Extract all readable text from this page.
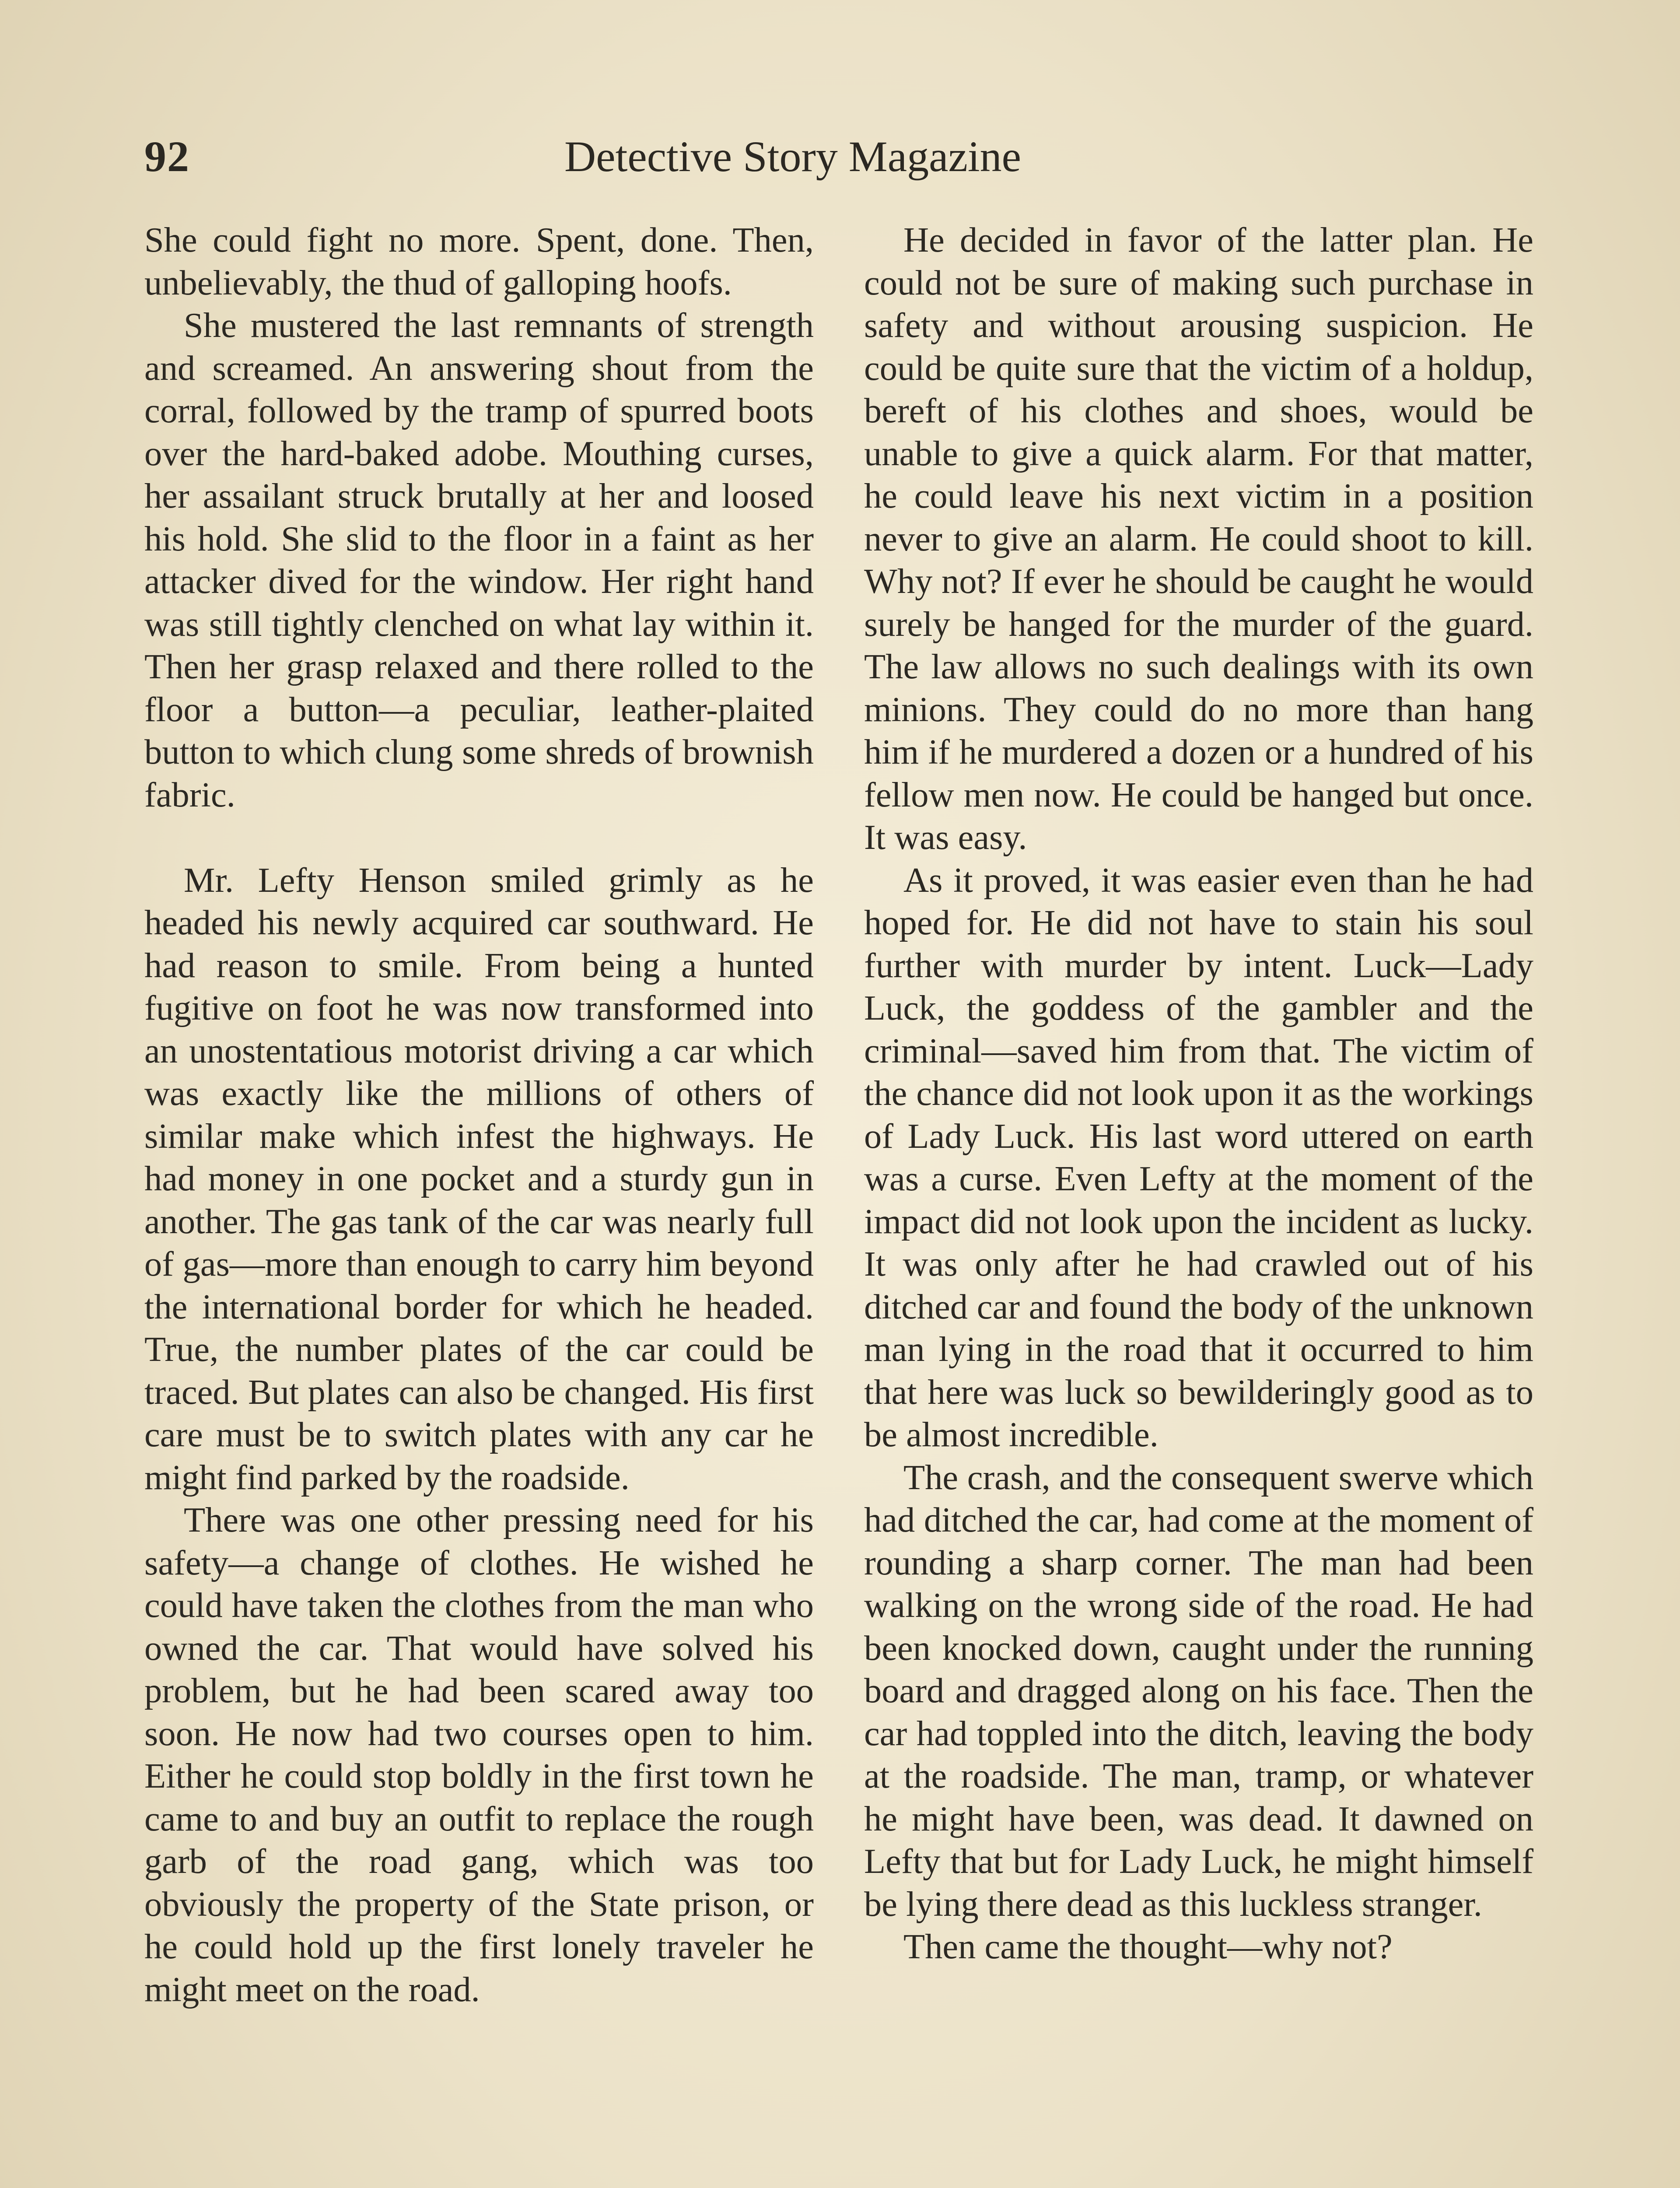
92	Detective Story Magazine

She could fight no more. Spent, done. Then, unbelievably, the thud of galloping hoofs.

She mustered the last remnants of strength and screamed. An answering shout from the corral, followed by the tramp of spurred boots over the hard-baked adobe. Mouthing curses, her assailant struck brutally at her and loosed his hold. She slid to the floor in a faint as her attacker dived for the window. Her right hand was still tightly clenched on what lay within it. Then her grasp relaxed and there rolled to the floor a button—a peculiar, leather-plaited button to which clung some shreds of brownish fabric.

Mr. Lefty Henson smiled grimly as he headed his newly acquired car southward. He had reason to smile. From being a hunted fugitive on foot he was now transformed into an unostentatious motorist driving a car which was exactly like the millions of others of similar make which infest the highways. He had money in one pocket and a sturdy gun in another. The gas tank of the car was nearly full of gas—more than enough to carry him beyond the international border for which he headed. True, the number plates of the car could be traced. But plates can also be changed. His first care must be to switch plates with any car he might find parked by the roadside.

There was one other pressing need for his safety—a change of clothes. He wished he could have taken the clothes from the man who owned the car. That would have solved his problem, but he had been scared away too soon. He now had two courses open to him. Either he could stop boldly in the first town he came to and buy an outfit to replace the rough garb of the road gang, which was too obviously the property of the State prison, or he could hold up the first lonely traveler he might meet on the road.

He decided in favor of the latter plan. He could not be sure of making such purchase in safety and without arousing suspicion. He could be quite sure that the victim of a holdup, bereft of his clothes and shoes, would be unable to give a quick alarm. For that matter, he could leave his next victim in a position never to give an alarm. He could shoot to kill. Why not? If ever he should be caught he would surely be hanged for the murder of the guard. The law allows no such dealings with its own minions. They could do no more than hang him if he murdered a dozen or a hundred of his fellow men now. He could be hanged but once. It was easy.

As it proved, it was easier even than he had hoped for. He did not have to stain his soul further with murder by intent. Luck—Lady Luck, the goddess of the gambler and the criminal—saved him from that. The victim of the chance did not look upon it as the workings of Lady Luck. His last word uttered on earth was a curse. Even Lefty at the moment of the impact did not look upon the incident as lucky. It was only after he had crawled out of his ditched car and found the body of the unknown man lying in the road that it occurred to him that here was luck so bewilderingly good as to be almost incredible.

The crash, and the consequent swerve which had ditched the car, had come at the moment of rounding a sharp corner. The man had been walking on the wrong side of the road. He had been knocked down, caught under the running board and dragged along on his face. Then the car had toppled into the ditch, leaving the body at the roadside. The man, tramp, or whatever he might have been, was dead. It dawned on Lefty that but for Lady Luck, he might himself be lying there dead as this luckless stranger.

Then came the thought—why not?
